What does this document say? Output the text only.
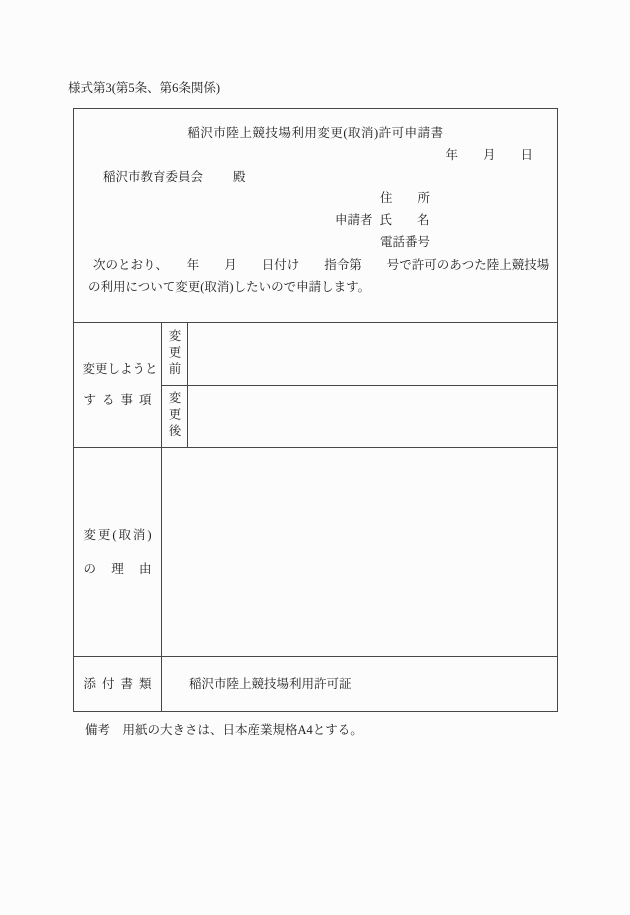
様式第3(第5条、第6条関係)
稲沢市陸上競技場利用変更(取消)許可申請書
年　　月　　日
稲沢市教育委員会 殿
住　　所
申請者 氏　　名
電話番号
次のとおり、　　年　　月　　日付け　　指令第　　号で許可のあつた陸上競技場
の利用について変更(取消)したいので申請します。
変更しようと
する事項
変更前
変更後
変更(取消)
の理由
添付書類	稲沢市陸上競技場利用許可証
備考　用紙の大きさは、日本産業規格A4とする。
